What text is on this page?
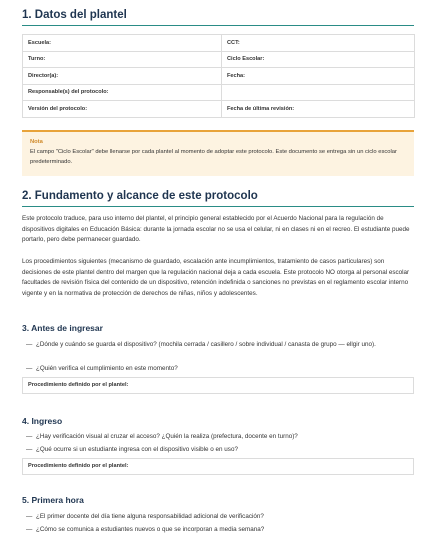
1. Datos del plantel
Escuela:	CCT:
Turno:	Ciclo Escolar:
Director(a):	Fecha:
Responsable(s) del protocolo:	
Versión del protocolo:	Fecha de última revisión:
Nota
El campo "Ciclo Escolar" debe llenarse por cada plantel al momento de adoptar este protocolo. Este documento se entrega sin un ciclo escolar predeterminado.
2. Fundamento y alcance de este protocolo
Este protocolo traduce, para uso interno del plantel, el principio general establecido por el Acuerdo Nacional para la regulación de dispositivos digitales en Educación Básica: durante la jornada escolar no se usa el celular, ni en clases ni en el recreo. El estudiante puede portarlo, pero debe permanecer guardado.
Los procedimientos siguientes (mecanismo de guardado, escalación ante incumplimientos, tratamiento de casos particulares) son decisiones de este plantel dentro del margen que la regulación nacional deja a cada escuela. Este protocolo NO otorga al personal escolar facultades de revisión física del contenido de un dispositivo, retención indefinida o sanciones no previstas en el reglamento escolar interno vigente y en la normativa de protección de derechos de niñas, niños y adolescentes.
3. Antes de ingresar
— ¿Dónde y cuándo se guarda el dispositivo? (mochila cerrada / casillero / sobre individual / canasta de grupo — ellgir uno).
— ¿Quién verifica el cumplimiento en este momento?
Procedimiento definido por el plantel:
4. Ingreso
— ¿Hay verificación visual al cruzar el acceso? ¿Quién la realiza (prefectura, docente en turno)?
— ¿Qué ocurre si un estudiante ingresa con el dispositivo visible o en uso?
Procedimiento definido por el plantel:
5. Primera hora
— ¿El primer docente del día tiene alguna responsabilidad adicional de verificación?
— ¿Cómo se comunica a estudiantes nuevos o que se incorporan a media semana?
